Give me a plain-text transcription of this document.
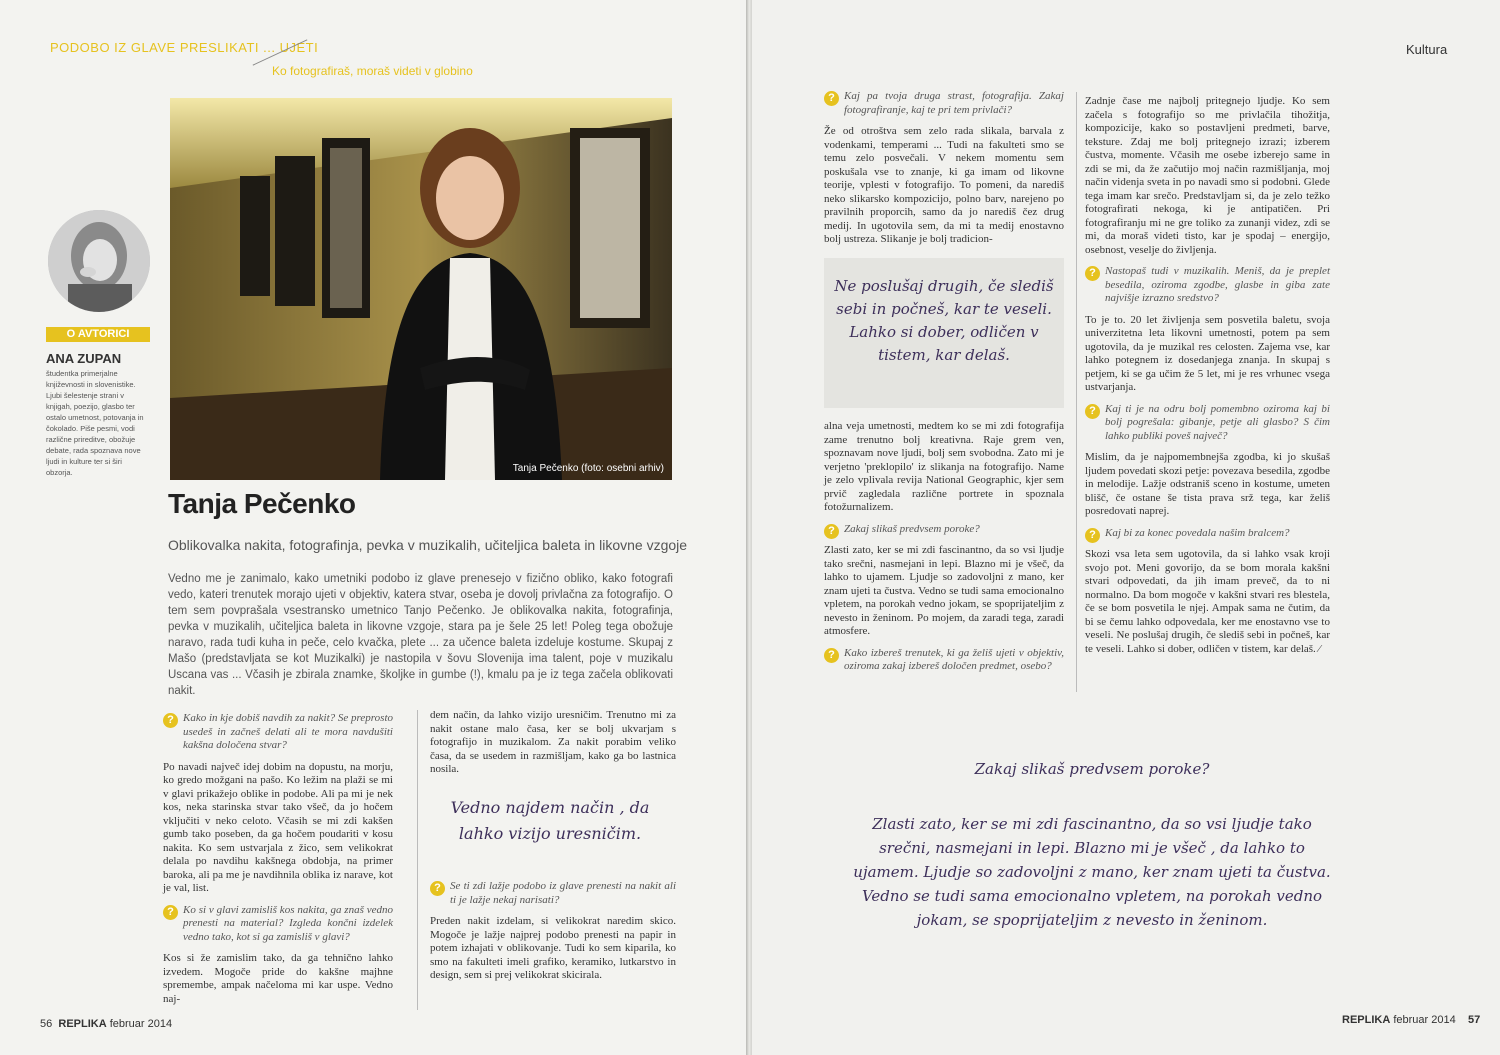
PODOBO IZ GLAVE PRESLIKATI ... UJETI
Ko fotografiraš, moraš videti v globino
O AVTORICI
ANA ZUPAN
študentka primerjalne književnosti in slovenistike. Ljubi šelestenje strani v knjigah, poezijo, glasbo ter ostalo umetnost, potovanja in čokolado. Piše pesmi, vodi različne prireditve, obožuje debate, rada spoznava nove ljudi in kulture ter si širi obzorja.	Tanja Pečenko (foto: osebni arhiv)
Tanja Pečenko
Oblikovalka nakita, fotografinja, pevka v muzikalih, učiteljica baleta in likovne vzgoje
Vedno me je zanimalo, kako umetniki podobo iz glave prenesejo v fizično obliko, kako fotografi vedo, kateri trenutek morajo ujeti v objektiv, katera stvar, oseba je dovolj privlačna za fotografijo. O tem sem povprašala vsestransko umetnico Tanjo Pečenko. Je oblikovalka nakita, fotografinja, pevka v muzikalih, učiteljica baleta in likovne vzgoje, stara pa je šele 25 let! Poleg tega obožuje naravo, rada tudi kuha in peče, celo kvačka, plete ... za učence baleta izdeluje kostume. Skupaj z Mašo (predstavljata se kot Muzikalki) je nastopila v šovu Slovenija ima talent, poje v muzikalu Uscana vas ... Včasih je zbirala znamke, školjke in gumbe (!), kmalu pa je iz tega začela oblikovati nakit.
? Kako in kje dobiš navdih za nakit? Se preprosto usedeš in začneš delati ali te mora navdušiti kakšna določena stvar?

Po navadi največ idej dobim na dopustu, na morju, ko gredo možgani na pašo. Ko ležim na plaži se mi v glavi prikažejo oblike in podobe. Ali pa mi je nek kos, neka starinska stvar tako všeč, da jo hočem vključiti v neko celoto. Včasih se mi zdi kakšen gumb tako poseben, da ga hočem poudariti v kosu nakita. Ko sem ustvarjala z žico, sem velikokrat delala po navdihu kakšnega obdobja, na primer baroka, ali pa me je navdihnila oblika iz narave, kot je val, list.

? Ko si v glavi zamisliš kos nakita, ga znaš vedno prenesti na material? Izgleda končni izdelek vedno tako, kot si ga zamisliš v glavi?

Kos si že zamislim tako, da ga tehnično lahko izvedem. Mogoče pride do kakšne majhne spremembe, ampak načeloma mi kar uspe. Vedno naj-

dem način, da lahko vizijo uresničim. Trenutno mi za nakit ostane malo časa, ker se bolj ukvarjam s fotografijo in muzikalom. Za nakit porabim veliko časa, da se usedem in razmišljam, kako ga bo lastnica nosila.

Vedno najdem način , da lahko vizijo uresničim.
? Se ti zdi lažje podobo iz glave prenesti na nakit ali ti je lažje nekaj narisati?

Preden nakit izdelam, si velikokrat naredim skico. Mogoče je lažje najprej podobo prenesti na papir in potem izhajati v oblikovanje. Tudi ko sem kiparila, ko smo na fakulteti imeli grafiko, keramiko, lutkarstvo in design, sem si prej velikokrat skicirala.

56 REPLIKA februar 2014
Kultura
? Kaj pa tvoja druga strast, fotografija. Zakaj fotografiranje, kaj te pri tem privlači?

Že od otroštva sem zelo rada slikala, barvala z vodenkami, temperami ... Tudi na fakulteti smo se temu zelo posvečali. V nekem momentu sem poskušala vse to znanje, ki ga imam od likovne teorije, vplesti v fotografijo. To pomeni, da narediš neko slikarsko kompozicijo, polno barv, narejeno po pravilnih proporcih, samo da jo narediš čez drug medij. In ugotovila sem, da mi ta medij enostavno bolj ustreza. Slikanje je bolj tradicion-

Ne poslušaj drugih, če slediš sebi in počneš, kar te veseli. Lahko si dober, odličen v tistem, kar delaš.

alna veja umetnosti, medtem ko se mi zdi fotografija zame trenutno bolj kreativna. Raje grem ven, spoznavam nove ljudi, bolj sem svobodna. Zato mi je verjetno 'preklopilo' iz slikanja na fotografijo. Name je zelo vplivala revija National Geographic, kjer sem prvič zagledala različne portrete in spoznala fotožurnalizem.

? Zakaj slikaš predvsem poroke?

Zlasti zato, ker se mi zdi fascinantno, da so vsi ljudje tako srečni, nasmejani in lepi. Blazno mi je všeč, da lahko to ujamem. Ljudje so zadovoljni z mano, ker znam ujeti ta čustva. Vedno se tudi sama emocionalno vpletem, na porokah vedno jokam, se spoprijateljim z nevesto in ženinom. Po mojem, da zaradi tega, zaradi atmosfere.

? Kako izbereš trenutek, ki ga želiš ujeti v objektiv, oziroma zakaj izbereš določen predmet, osebo?

Zadnje čase me najbolj pritegnejo ljudje. Ko sem začela s fotografijo so me privlačila tihožitja, kompozicije, kako so postavljeni predmeti, barve, teksture. Zdaj me bolj pritegnejo izrazi; izberem čustva, momente. Včasih me osebe izberejo same in zdi se mi, da že začutijo moj način razmišljanja, moj način videnja sveta in po navadi smo si podobni. Glede tega imam kar srečo. Predstavljam si, da je zelo težko fotografirati nekoga, ki je antipatičen. Pri fotografiranju mi ne gre toliko za zunanji videz, zdi se mi, da moraš videti tisto, kar je spodaj – energijo, osebnost, veselje do življenja.

? Nastopaš tudi v muzikalih. Meniš, da je preplet besedila, oziroma zgodbe, glasbe in giba zate najvišje izrazno sredstvo?

To je to. 20 let življenja sem posvetila baletu, svoja univerzitetna leta likovni umetnosti, potem pa sem ugotovila, da je muzikal res celosten. Zajema vse, kar lahko potegnem iz dosedanjega znanja. In skupaj s petjem, ki se ga učim že 5 let, mi je res vrhunec vsega ustvarjanja.

? Kaj ti je na odru bolj pomembno oziroma kaj bi bolj pogrešala: gibanje, petje ali glasbo? S čim lahko publiki poveš največ?

Mislim, da je najpomembnejša zgodba, ki jo skušaš ljudem povedati skozi petje: povezava besedila, zgodbe in melodije. Lažje odstraniš sceno in kostume, umeten blišč, če ostane še tista prava srž tega, kar želiš posredovati naprej.

? Kaj bi za konec povedala našim bralcem?

Skozi vsa leta sem ugotovila, da si lahko vsak kroji svojo pot. Meni govorijo, da se bom morala kakšni stvari odpovedati, da jih imam preveč, da to ni normalno. Da bom mogoče v kakšni stvari res blestela, če se bom posvetila le njej. Ampak sama ne čutim, da bi se čemu lahko odpovedala, ker me enostavno vse to veseli. Ne poslušaj drugih, če slediš sebi in počneš, kar te veseli. Lahko si dober, odličen v tistem, kar delaš. ⁄

Zakaj slikaš predvsem poroke?
Zlasti zato, ker se mi zdi fascinantno, da so vsi ljudje tako srečni, nasmejani in lepi. Blazno mi je všeč , da lahko to ujamem. Ljudje so zadovoljni z mano, ker znam ujeti ta čustva. Vedno se tudi sama emocionalno vpletem, na porokah vedno jokam, se spoprijateljim z nevesto in ženinom.
REPLIKA februar 2014 57
